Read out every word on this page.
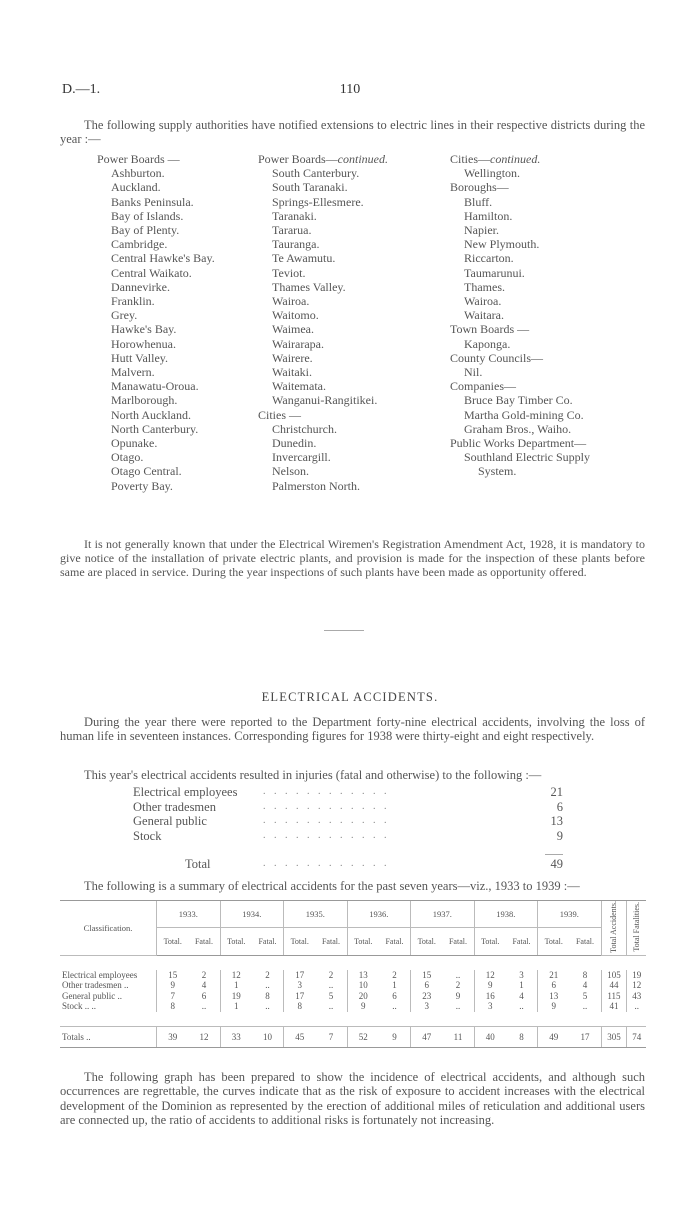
D.—1.	110

The following supply authorities have notified extensions to electric lines in their respective districts during the year :—

Power Boards —
Ashburton.
Auckland.
Banks Peninsula.
Bay of Islands.
Bay of Plenty.
Cambridge.
Central Hawke's Bay.
Central Waikato.
Dannevirke.
Franklin.
Grey.
Hawke's Bay.
Horowhenua.
Hutt Valley.
Malvern.
Manawatu-Oroua.
Marlborough.
North Auckland.
North Canterbury.
Opunake.
Otago.
Otago Central.
Poverty Bay.
Power Boards—continued.
South Canterbury.
South Taranaki.
Springs-Ellesmere.
Taranaki.
Tararua.
Tauranga.
Te Awamutu.
Teviot.
Thames Valley.
Wairoa.
Waitomo.
Waimea.
Wairarapa.
Wairere.
Waitaki.
Waitemata.
Wanganui-Rangitikei.
Cities —
Christchurch.
Dunedin.
Invercargill.
Nelson.
Palmerston North.
Cities—continued.
Wellington.
Boroughs—
Bluff.
Hamilton.
Napier.
New Plymouth.
Riccarton.
Taumarunui.
Thames.
Wairoa.
Waitara.
Town Boards —
Kaponga.
County Councils—
Nil.
Companies—
Bruce Bay Timber Co.
Martha Gold-mining Co.
Graham Bros., Waiho.
Public Works Department—
Southland Electric Supply
System.

It is not generally known that under the Electrical Wiremen's Registration Amendment Act, 1928, it is mandatory to give notice of the installation of private electric plants, and provision is made for the inspection of these plants before same are placed in service. During the year inspections of such plants have been made as opportunity offered.

ELECTRICAL ACCIDENTS.

During the year there were reported to the Department forty-nine electrical accidents, involving the loss of human life in seventeen instances. Corresponding figures for 1938 were thirty-eight and eight respectively.

This year's electrical accidents resulted in injuries (fatal and otherwise) to the following :—
Electrical employees	. . . . . . . . . . . .	21
Other tradesmen	. . . . . . . . . . . .	6
General public	. . . . . . . . . . . .	13
Stock	. . . . . . . . . . . .	9
Total	. . . . . . . . . . . .	49
The following is a summary of electrical accidents for the past seven years—viz., 1933 to 1939 :—
Classification.	1933.		1934.		1935.		1936.		1937.		1938.		1939.		Total Accidents.	Total Fatalities.
	Total.	Fatal.	Total.	Fatal.	Total.	Fatal.	Total.	Fatal.	Total.	Fatal.	Total.	Fatal.	Total.	Fatal.		

Electrical employees	15	2	12	2	17	2	13	2	15	..	12	3	21	8	105	19
Other tradesmen ..	9	4	1	..	3	..	10	1	6	2	9	1	6	4	44	12
General public ..	7	6	19	8	17	5	20	6	23	9	16	4	13	5	115	43
Stock .. ..	8	..	1	..	8	..	9	..	3	..	3	..	9	..	41	..

Totals ..	39	12	33	10	45	7	52	9	47	11	40	8	49	17	305	74

The following graph has been prepared to show the incidence of electrical accidents, and although such occurrences are regrettable, the curves indicate that as the risk of exposure to accident increases with the electrical development of the Dominion as represented by the erection of additional miles of reticulation and additional users are connected up, the ratio of accidents to additional risks is fortunately not increasing.
